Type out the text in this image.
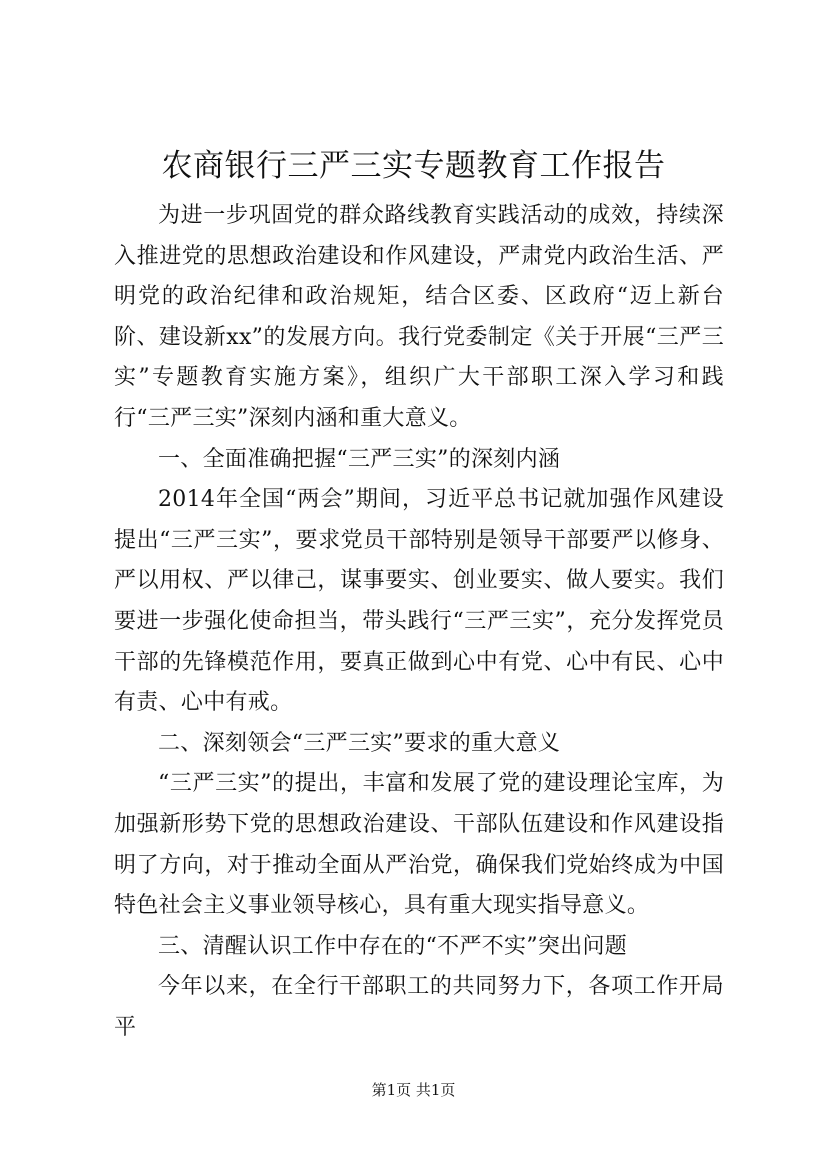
农商银行三严三实专题教育工作报告

为进一步巩固党的群众路线教育实践活动的成效，持续深入推进党的思想政治建设和作风建设，严肃党内政治生活、严明党的政治纪律和政治规矩，结合区委、区政府“迈上新台阶、建设新xx”的发展方向。我行党委制定《关于开展“三严三实”专题教育实施方案》，组织广大干部职工深入学习和践行“三严三实”深刻内涵和重大意义。

一、全面准确把握“三严三实”的深刻内涵

2014年全国“两会”期间，习近平总书记就加强作风建设提出“三严三实”，要求党员干部特别是领导干部要严以修身、严以用权、严以律己，谋事要实、创业要实、做人要实。我们要进一步强化使命担当，带头践行“三严三实”，充分发挥党员干部的先锋模范作用，要真正做到心中有党、心中有民、心中有责、心中有戒。

二、深刻领会“三严三实”要求的重大意义

“三严三实”的提出，丰富和发展了党的建设理论宝库，为加强新形势下党的思想政治建设、干部队伍建设和作风建设指明了方向，对于推动全面从严治党，确保我们党始终成为中国特色社会主义事业领导核心，具有重大现实指导意义。

三、清醒认识工作中存在的“不严不实”突出问题

今年以来，在全行干部职工的共同努力下，各项工作开局平

第1页 共1页
